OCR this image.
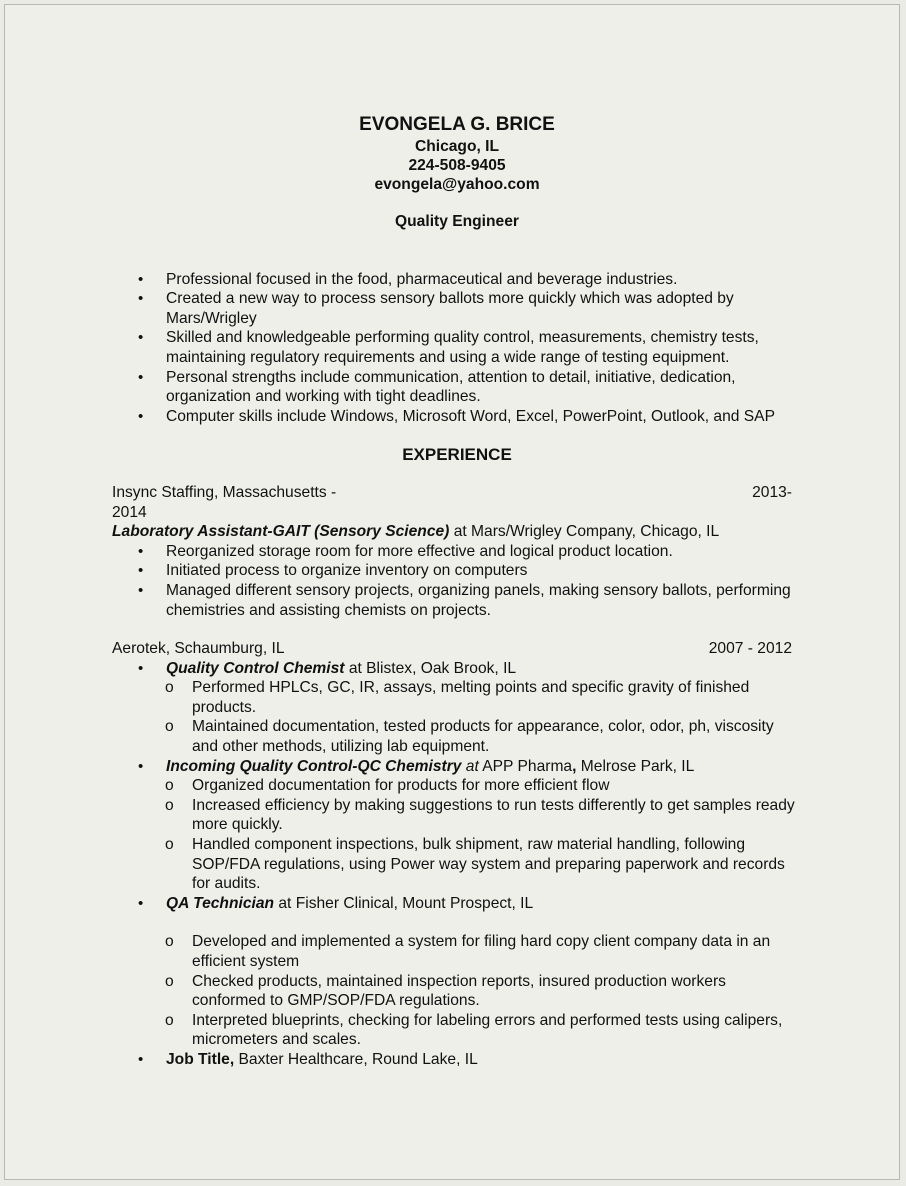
EVONGELA G. BRICE
Chicago, IL
224-508-9405
evongela@yahoo.com
Quality Engineer
• Professional focused in the food, pharmaceutical and beverage industries.
• Created a new way to process sensory ballots more quickly which was adopted by Mars/Wrigley
• Skilled and knowledgeable performing quality control, measurements, chemistry tests, maintaining regulatory requirements and using a wide range of testing equipment.
• Personal strengths include communication, attention to detail, initiative, dedication, organization and working with tight deadlines.
• Computer skills include Windows, Microsoft Word, Excel, PowerPoint, Outlook, and SAP
EXPERIENCE
Insync Staffing, Massachusetts -	2013-
2014
Laboratory Assistant-GAIT (Sensory Science) at Mars/Wrigley Company, Chicago, IL
• Reorganized storage room for more effective and logical product location.
• Initiated process to organize inventory on computers
• Managed different sensory projects, organizing panels, making sensory ballots, performing chemistries and assisting chemists on projects.
Aerotek, Schaumburg, IL	2007 - 2012
• Quality Control Chemist at Blistex, Oak Brook, IL
o Performed HPLCs, GC, IR, assays, melting points and specific gravity of finished products.
o Maintained documentation, tested products for appearance, color, odor, ph, viscosity and other methods, utilizing lab equipment.
• Incoming Quality Control-QC Chemistry at APP Pharma, Melrose Park, IL
o Organized documentation for products for more efficient flow
o Increased efficiency by making suggestions to run tests differently to get samples ready more quickly.
o Handled component inspections, bulk shipment, raw material handling, following SOP/FDA regulations, using Power way system and preparing paperwork and records for audits.
• QA Technician at Fisher Clinical, Mount Prospect, IL
o Developed and implemented a system for filing hard copy client company data in an efficient system
o Checked products, maintained inspection reports, insured production workers conformed to GMP/SOP/FDA regulations.
o Interpreted blueprints, checking for labeling errors and performed tests using calipers, micrometers and scales.
• Job Title, Baxter Healthcare, Round Lake, IL
